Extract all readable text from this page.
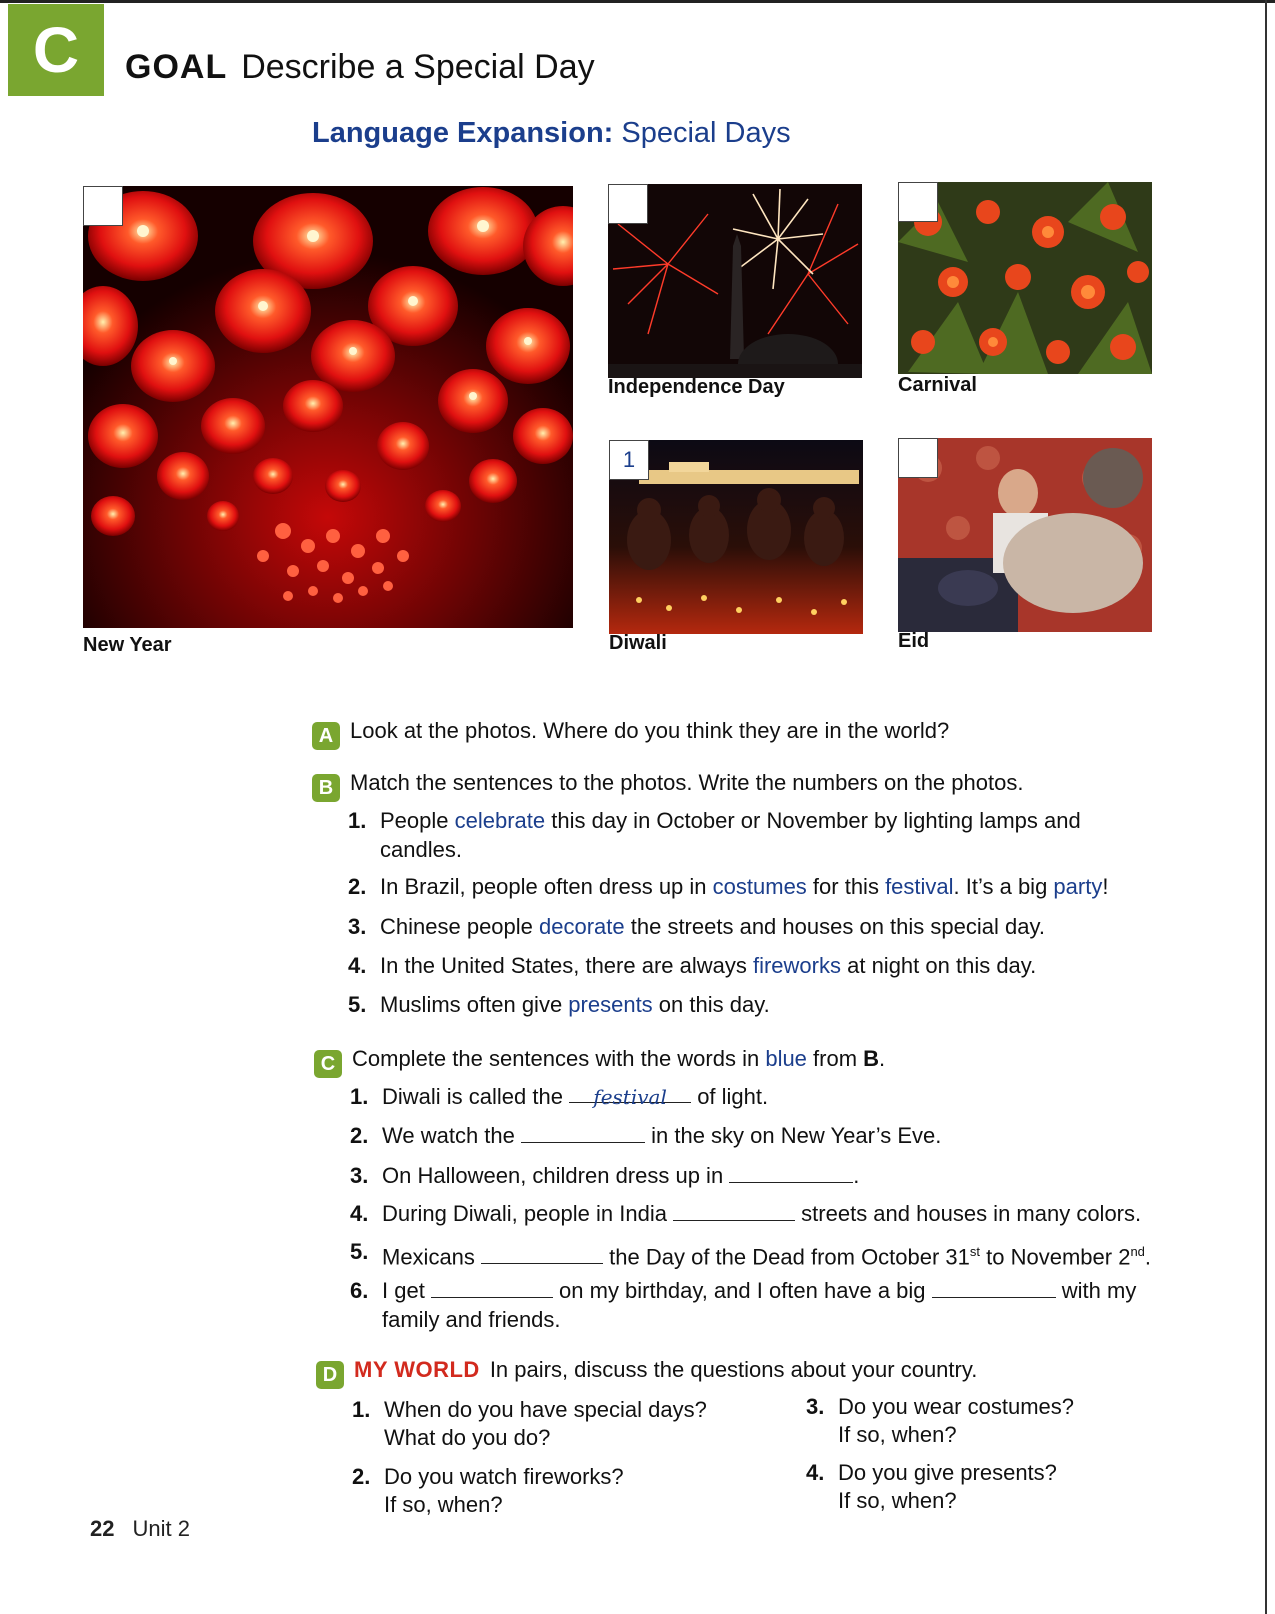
C GOAL Describe a Special Day
Language Expansion: Special Days
New Year
Independence Day	Carnival
1
Diwali	Eid
A Look at the photos. Where do you think they are in the world?
B Match the sentences to the photos. Write the numbers on the photos.
1. People celebrate this day in October or November by lighting lamps and
candles.
2. In Brazil, people often dress up in costumes for this festival. It’s a big party!
3. Chinese people decorate the streets and houses on this special day.
4. In the United States, there are always fireworks at night on this day.
5. Muslims often give presents on this day.
C Complete the sentences with the words in blue from B.
1. Diwali is called the festival of light.
2. We watch the	in the sky on New Year’s Eve.
3. On Halloween, children dress up in	.
4. During Diwali, people in India	streets and houses in many colors.
5. Mexicans	the Day of the Dead from October 31st to November 2nd.
6. I get	on my birthday, and I often have a big	with my
family and friends.
D MY WORLD In pairs, discuss the questions about your country.
1. When do you have special days?
What do you do?
2. Do you watch fireworks?
If so, when?
3. Do you wear costumes?
If so, when?
4. Do you give presents?
If so, when?
22 Unit 2
